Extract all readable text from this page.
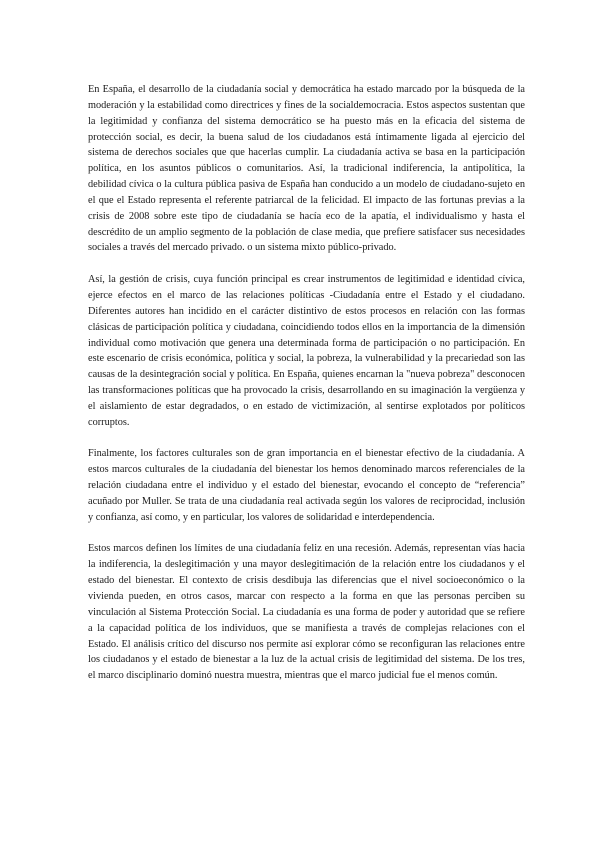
En España, el desarrollo de la ciudadanía social y democrática ha estado marcado por la búsqueda de la moderación y la estabilidad como directrices y fines de la socialdemocracia. Estos aspectos sustentan que la legitimidad y confianza del sistema democrático se ha puesto más en la eficacia del sistema de protección social, es decir, la buena salud de los ciudadanos está íntimamente ligada al ejercicio del sistema de derechos sociales que que hacerlas cumplir. La ciudadanía activa se basa en la participación política, en los asuntos públicos o comunitarios. Así, la tradicional indiferencia, la antipolítica, la debilidad cívica o la cultura pública pasiva de España han conducido a un modelo de ciudadano-sujeto en el que el Estado representa el referente patriarcal de la felicidad. El impacto de las fortunas previas a la crisis de 2008 sobre este tipo de ciudadanía se hacía eco de la apatía, el individualismo y hasta el descrédito de un amplio segmento de la población de clase media, que prefiere satisfacer sus necesidades sociales a través del mercado privado. o un sistema mixto público-privado.

Así, la gestión de crisis, cuya función principal es crear instrumentos de legitimidad e identidad cívica, ejerce efectos en el marco de las relaciones políticas -Ciudadanía entre el Estado y el ciudadano. Diferentes autores han incidido en el carácter distintivo de estos procesos en relación con las formas clásicas de participación política y ciudadana, coincidiendo todos ellos en la importancia de la dimensión individual como motivación que genera una determinada forma de participación o no participación. En este escenario de crisis económica, política y social, la pobreza, la vulnerabilidad y la precariedad son las causas de la desintegración social y política. En España, quienes encarnan la "nueva pobreza" desconocen las transformaciones políticas que ha provocado la crisis, desarrollando en su imaginación la vergüenza y el aislamiento de estar degradados, o en estado de victimización, al sentirse explotados por políticos corruptos.

Finalmente, los factores culturales son de gran importancia en el bienestar efectivo de la ciudadanía. A estos marcos culturales de la ciudadanía del bienestar los hemos denominado marcos referenciales de la relación ciudadana entre el individuo y el estado del bienestar, evocando el concepto de “referencia” acuñado por Muller. Se trata de una ciudadanía real activada según los valores de reciprocidad, inclusión y confianza, así como, y en particular, los valores de solidaridad e interdependencia.

Estos marcos definen los límites de una ciudadanía feliz en una recesión. Además, representan vías hacia la indiferencia, la deslegitimación y una mayor deslegitimación de la relación entre los ciudadanos y el estado del bienestar. El contexto de crisis desdibuja las diferencias que el nivel socioeconómico o la vivienda pueden, en otros casos, marcar con respecto a la forma en que las personas perciben su vinculación al Sistema Protección Social. La ciudadanía es una forma de poder y autoridad que se refiere a la capacidad política de los individuos, que se manifiesta a través de complejas relaciones con el Estado. El análisis crítico del discurso nos permite así explorar cómo se reconfiguran las relaciones entre los ciudadanos y el estado de bienestar a la luz de la actual crisis de legitimidad del sistema. De los tres, el marco disciplinario dominó nuestra muestra, mientras que el marco judicial fue el menos común.
